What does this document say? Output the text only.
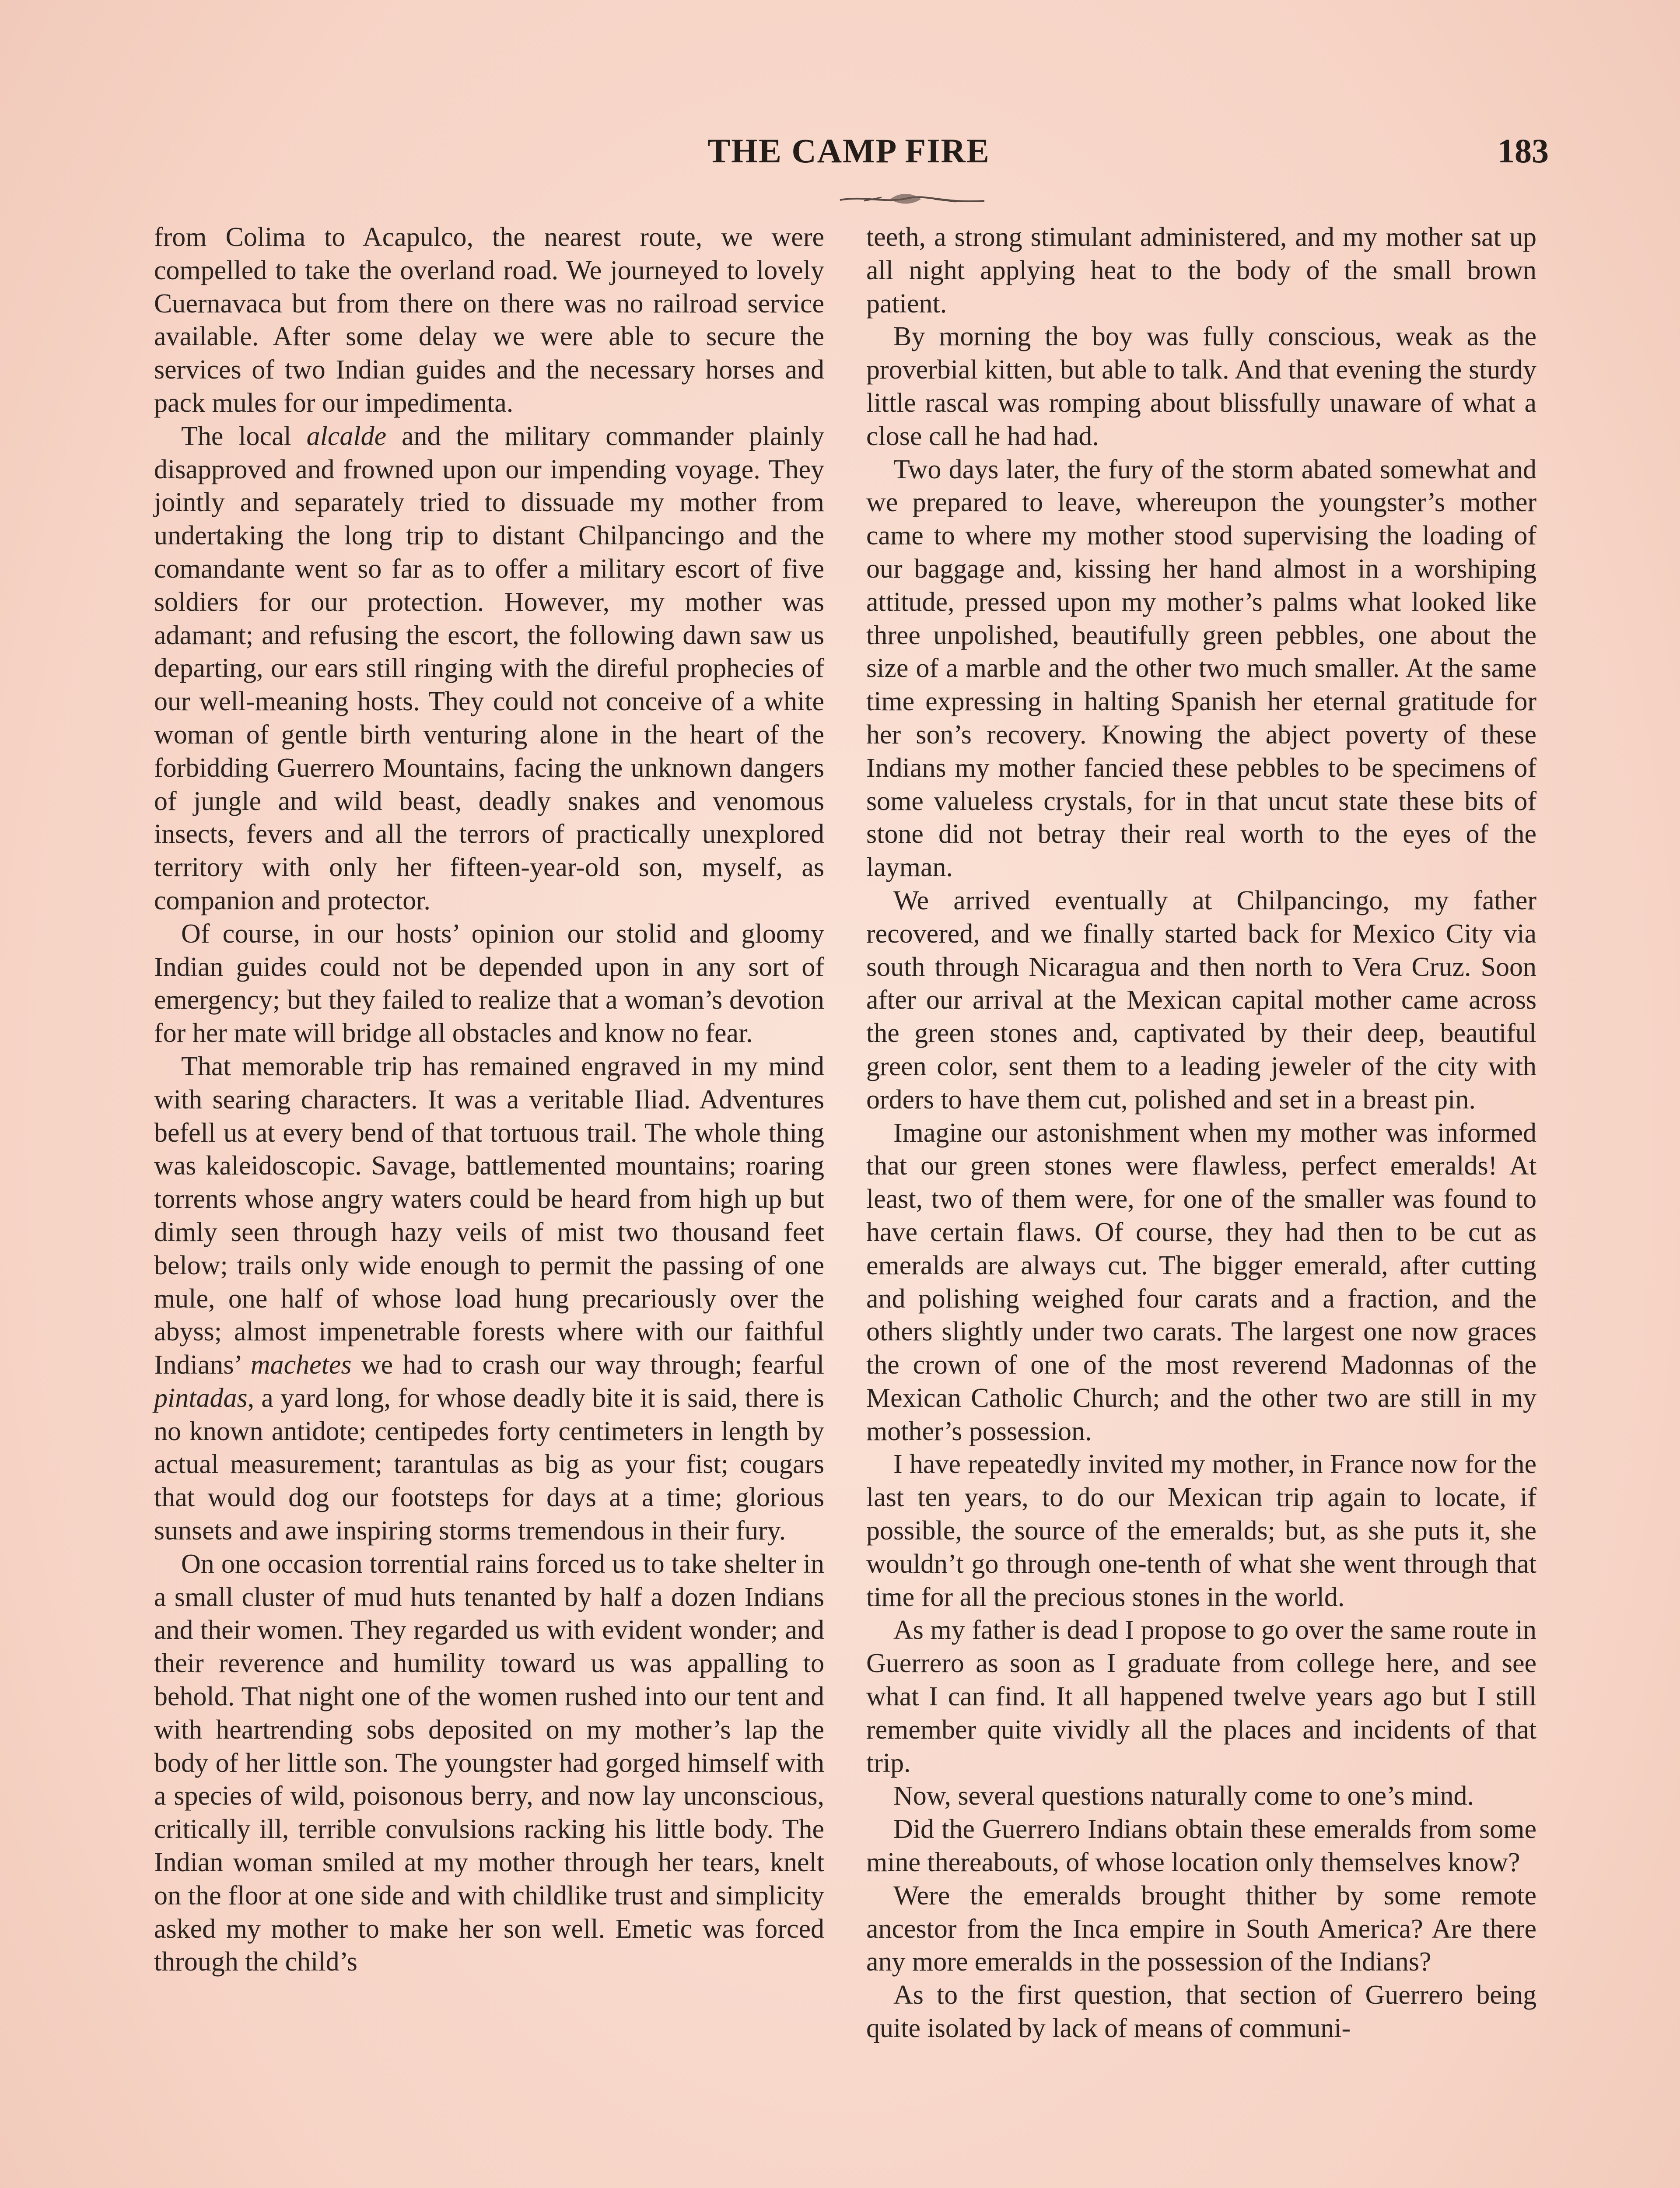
THE CAMP FIRE	183

from Colima to Acapulco, the nearest route, we were compelled to take the overland road. We journeyed to lovely Cuernavaca but from there on there was no railroad service available. After some delay we were able to secure the services of two Indian guides and the necessary horses and pack mules for our impedimenta.

The local alcalde and the military commander plainly disapproved and frowned upon our impending voyage. They jointly and separately tried to dissuade my mother from undertaking the long trip to distant Chilpancingo and the comandante went so far as to offer a military escort of five soldiers for our protection. However, my mother was adamant; and refusing the escort, the following dawn saw us departing, our ears still ringing with the direful prophecies of our well-meaning hosts. They could not conceive of a white woman of gentle birth venturing alone in the heart of the forbidding Guerrero Mountains, facing the unknown dangers of jungle and wild beast, deadly snakes and venomous insects, fevers and all the terrors of practically unexplored territory with only her fifteen-year-old son, myself, as companion and protector.

Of course, in our hosts’ opinion our stolid and gloomy Indian guides could not be depended upon in any sort of emergency; but they failed to realize that a woman’s devotion for her mate will bridge all obstacles and know no fear.

That memorable trip has remained engraved in my mind with searing characters. It was a veritable Iliad. Adventures befell us at every bend of that tortuous trail. The whole thing was kaleidoscopic. Savage, battlemented mountains; roaring torrents whose angry waters could be heard from high up but dimly seen through hazy veils of mist two thousand feet below; trails only wide enough to permit the passing of one mule, one half of whose load hung precariously over the abyss; almost impenetrable forests where with our faithful Indians’ machetes we had to crash our way through; fearful pintadas, a yard long, for whose deadly bite it is said, there is no known antidote; centipedes forty centimeters in length by actual measurement; tarantulas as big as your fist; cougars that would dog our footsteps for days at a time; glorious sunsets and awe inspiring storms tremendous in their fury.

On one occasion torrential rains forced us to take shelter in a small cluster of mud huts tenanted by half a dozen Indians and their women. They regarded us with evident wonder; and their reverence and humility toward us was appalling to behold. That night one of the women rushed into our tent and with heartrending sobs deposited on my mother’s lap the body of her little son. The youngster had gorged himself with a species of wild, poisonous berry, and now lay unconscious, critically ill, terrible convulsions racking his little body. The Indian woman smiled at my mother through her tears, knelt on the floor at one side and with childlike trust and simplicity asked my mother to make her son well. Emetic was forced through the child’s

teeth, a strong stimulant administered, and my mother sat up all night applying heat to the body of the small brown patient.

By morning the boy was fully conscious, weak as the proverbial kitten, but able to talk. And that evening the sturdy little rascal was romping about blissfully unaware of what a close call he had had.

Two days later, the fury of the storm abated somewhat and we prepared to leave, whereupon the youngster’s mother came to where my mother stood supervising the loading of our baggage and, kissing her hand almost in a worshiping attitude, pressed upon my mother’s palms what looked like three unpolished, beautifully green pebbles, one about the size of a marble and the other two much smaller. At the same time expressing in halting Spanish her eternal gratitude for her son’s recovery. Knowing the abject poverty of these Indians my mother fancied these pebbles to be specimens of some valueless crystals, for in that uncut state these bits of stone did not betray their real worth to the eyes of the layman.

We arrived eventually at Chilpancingo, my father recovered, and we finally started back for Mexico City via south through Nicaragua and then north to Vera Cruz. Soon after our arrival at the Mexican capital mother came across the green stones and, captivated by their deep, beautiful green color, sent them to a leading jeweler of the city with orders to have them cut, polished and set in a breast pin.

Imagine our astonishment when my mother was informed that our green stones were flawless, perfect emeralds! At least, two of them were, for one of the smaller was found to have certain flaws. Of course, they had then to be cut as emeralds are always cut. The bigger emerald, after cutting and polishing weighed four carats and a fraction, and the others slightly under two carats. The largest one now graces the crown of one of the most reverend Madonnas of the Mexican Catholic Church; and the other two are still in my mother’s possession.

I have repeatedly invited my mother, in France now for the last ten years, to do our Mexican trip again to locate, if possible, the source of the emeralds; but, as she puts it, she wouldn’t go through one-tenth of what she went through that time for all the precious stones in the world.

As my father is dead I propose to go over the same route in Guerrero as soon as I graduate from college here, and see what I can find. It all happened twelve years ago but I still remember quite vividly all the places and incidents of that trip.

Now, several questions naturally come to one’s mind.

Did the Guerrero Indians obtain these emeralds from some mine thereabouts, of whose location only themselves know?

Were the emeralds brought thither by some remote ancestor from the Inca empire in South America? Are there any more emeralds in the possession of the Indians?

As to the first question, that section of Guerrero being quite isolated by lack of means of communi-
